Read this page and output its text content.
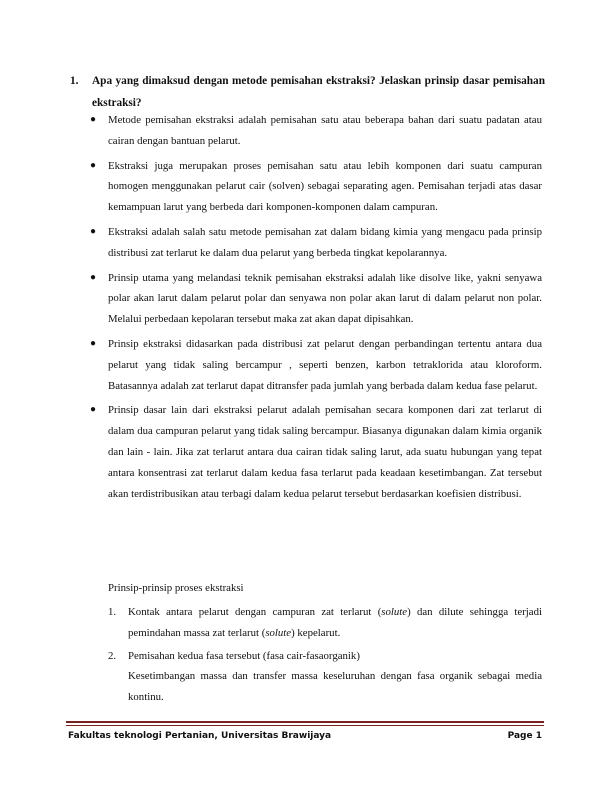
1. Apa yang dimaksud dengan metode pemisahan ekstraksi? Jelaskan prinsip dasar pemisahan ekstraksi?
● Metode pemisahan ekstraksi adalah pemisahan satu atau beberapa bahan dari suatu padatan atau cairan dengan bantuan pelarut.
● Ekstraksi juga merupakan proses pemisahan satu atau lebih komponen dari suatu campuran homogen menggunakan pelarut cair (solven) sebagai separating agen. Pemisahan terjadi atas dasar kemampuan larut yang berbeda dari komponen-komponen dalam campuran.
● Ekstraksi adalah salah satu metode pemisahan zat dalam bidang kimia yang mengacu pada prinsip distribusi zat terlarut ke dalam dua pelarut yang berbeda tingkat kepolarannya.
● Prinsip utama yang melandasi teknik pemisahan ekstraksi adalah like disolve like, yakni senyawa polar akan larut dalam pelarut polar dan senyawa non polar akan larut di dalam pelarut non polar. Melalui perbedaan kepolaran tersebut maka zat akan dapat dipisahkan.
● Prinsip ekstraksi didasarkan pada distribusi zat pelarut dengan perbandingan tertentu antara dua pelarut yang tidak saling bercampur , seperti benzen, karbon tetraklorida atau kloroform. Batasannya adalah zat terlarut dapat ditransfer pada jumlah yang berbada dalam kedua fase pelarut.
● Prinsip dasar lain dari ekstraksi pelarut adalah pemisahan secara komponen dari zat terlarut di dalam dua campuran pelarut yang tidak saling bercampur. Biasanya digunakan dalam kimia organik dan lain - lain. Jika zat terlarut antara dua cairan tidak saling larut, ada suatu hubungan yang tepat antara konsentrasi zat terlarut dalam kedua fasa terlarut pada keadaan kesetimbangan. Zat tersebut akan terdistribusikan atau terbagi dalam kedua pelarut tersebut berdasarkan koefisien distribusi.
Prinsip-prinsip proses ekstraksi
1. Kontak antara pelarut dengan campuran zat terlarut (solute) dan dilute sehingga terjadi pemindahan massa zat terlarut (solute) kepelarut.
2. Pemisahan kedua fasa tersebut (fasa cair-fasaorganik)
Kesetimbangan massa dan transfer massa keseluruhan dengan fasa organik sebagai media kontinu.
Fakultas teknologi Pertanian, Universitas Brawijaya	Page 1
